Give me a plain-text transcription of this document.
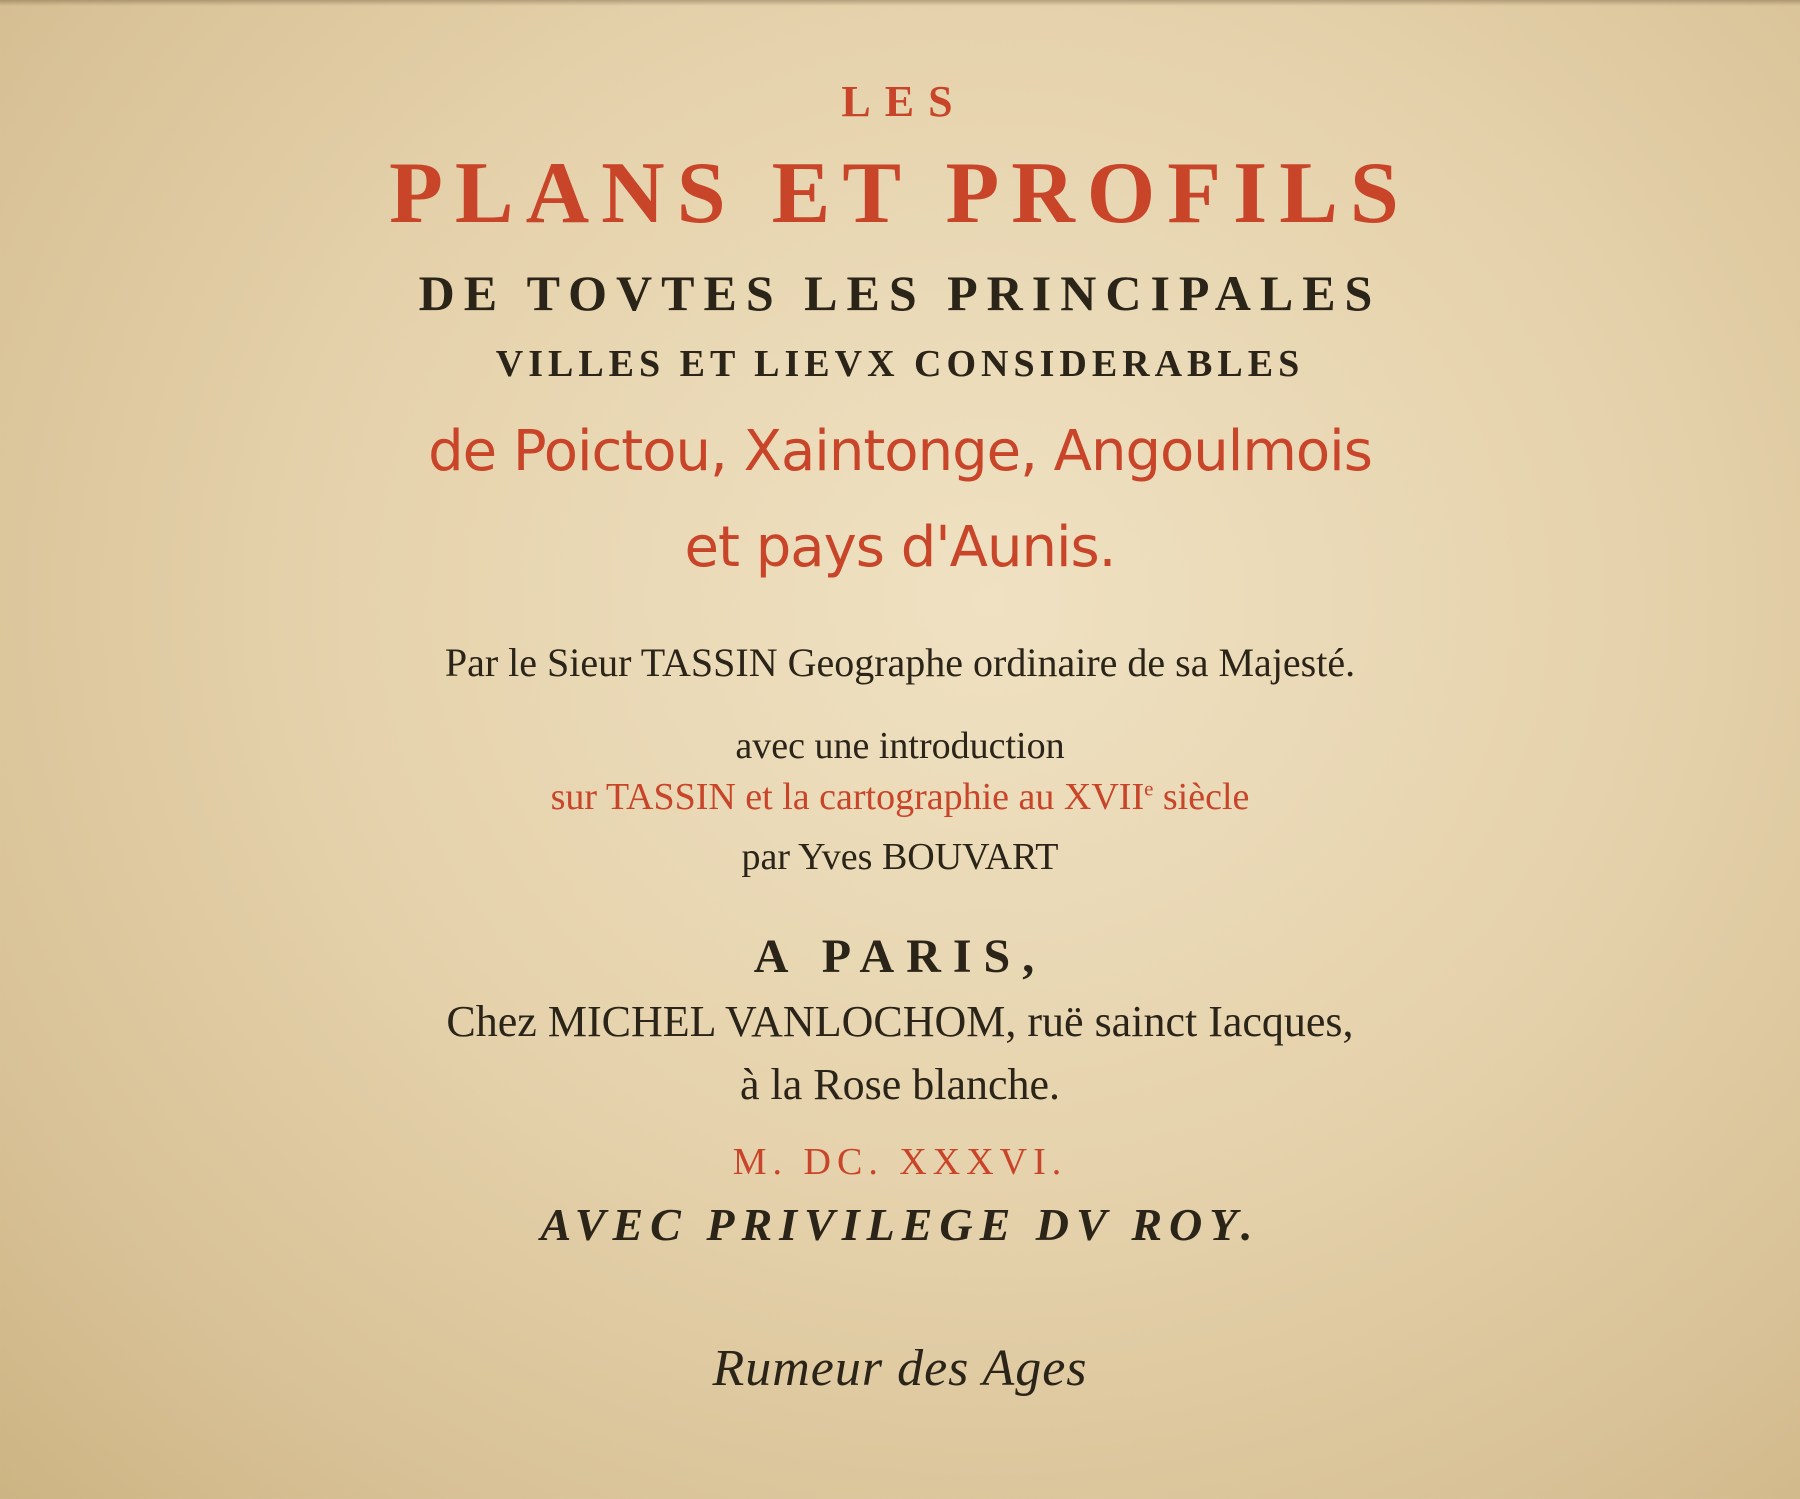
LES
PLANS ET PROFILS
DE TOVTES LES PRINCIPALES
VILLES ET LIEVX CONSIDERABLES
de Poictou, Xaintonge, Angoulmois
et pays d'Aunis.
Par le Sieur TASSIN Geographe ordinaire de sa Majesté.
avec une introduction
sur TASSIN et la cartographie au XVIIe siècle
par Yves BOUVART
A PARIS,
Chez MICHEL VANLOCHOM, ruë sainct Iacques,
à la Rose blanche.
M. DC. XXXVI.
AVEC PRIVILEGE DV ROY.
Rumeur des Ages
